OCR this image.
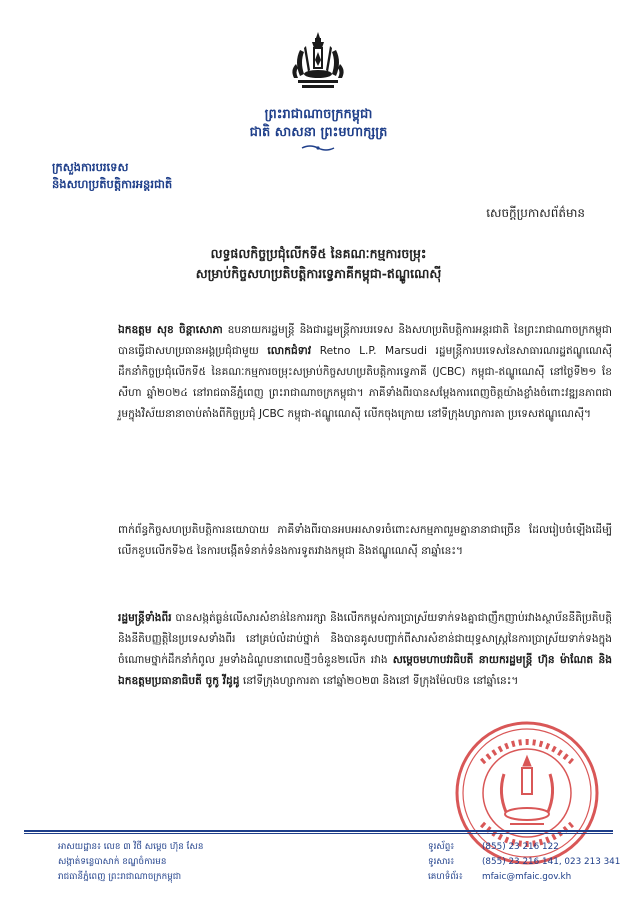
ព្រះរាជាណាចក្រកម្ពុជា
ជាតិ សាសនា ព្រះមហាក្សត្រ
ក្រសួងការបរទេស
និងសហប្រតិបត្តិការអន្តរជាតិ
សេចក្តីប្រកាសព័ត៌មាន
លទ្ធផលកិច្ចប្រជុំលើកទី៥ នៃគណៈកម្មការចម្រុះ
សម្រាប់កិច្ចសហប្រតិបត្តិការទ្វេភាគីកម្ពុជា-ឥណ្ឌូណេស៊ី
ឯកឧត្តម សុខ ចិន្តាសោភា ឧបនាយករដ្ឋមន្ត្រី និងជារដ្ឋមន្ត្រីការបរទេស និងសហប្រតិបត្តិការអន្តរជាតិ នៃព្រះរាជាណាចក្រកម្ពុជា បានធ្វើជាសហប្រធានអង្គប្រជុំជាមួយ លោកជំទាវ Retno L.P. Marsudi រដ្ឋមន្ត្រីការបរទេសនៃសាធារណរដ្ឋឥណ្ឌូណេស៊ី ដឹកនាំកិច្ចប្រជុំលើកទី៥ នៃគណៈកម្មការចម្រុះសម្រាប់កិច្ចសហប្រតិបត្តិការទ្វេភាគី (JCBC) កម្ពុជា-ឥណ្ឌូណេស៊ី នៅថ្ងៃទី២១ ខែសីហា ឆ្នាំ២០២៤ នៅរាជធានីភ្នំពេញ ព្រះរាជាណាចក្រកម្ពុជា។ ភាគីទាំងពីរបានសម្តែងការពេញចិត្តយ៉ាងខ្លាំងចំពោះវឌ្ឍនភាពជារួមក្នុងវិស័យនានាចាប់តាំងពីកិច្ចប្រជុំ JCBC កម្ពុជា-ឥណ្ឌូណេស៊ី លើកចុងក្រោយ នៅទីក្រុងហ្សាការតា ប្រទេសឥណ្ឌូណេស៊ី។
ពាក់ព័ន្ធកិច្ចសហប្រតិបត្តិការនយោបាយ ភាគីទាំងពីរបានអបអរសាទរចំពោះសកម្មភាពរួមគ្នានានាជាច្រើន ដែលរៀបចំឡើងដើម្បីលើកខួបលើកទី៦៥ នៃការបង្កើតទំនាក់ទំនងការទូតរវាងកម្ពុជា និងឥណ្ឌូណេស៊ី នាឆ្នាំនេះ។
រដ្ឋមន្ត្រីទាំងពីរ បានសង្កត់ធ្ងន់លើសារសំខាន់នៃការរក្សា និងលើកកម្ពស់ការប្រាស្រ័យទាក់ទងគ្នាជាញឹកញាប់រវាងស្ថាប័ននីតិប្រតិបត្តិ និងនីតិបញ្ញត្តិនៃប្រទេសទាំងពីរ នៅគ្រប់លំដាប់ថ្នាក់ និងបានគូសបញ្ជាក់ពីសារសំខាន់ជាយុទ្ធសាស្ត្រនៃការប្រាស្រ័យទាក់ទងក្នុងចំណោមថ្នាក់ដឹកនាំកំពូល រួមទាំងដំណួបនាពេលថ្មីៗចំនួន២លើក រវាង សម្តេចមហាបវរធិបតី នាយករដ្ឋមន្ត្រី ហ៊ុន ម៉ាណែត និង ឯកឧត្តមប្រធានាធិបតី ចូកូ វីដូដូ នៅទីក្រុងហ្សាការតា នៅឆ្នាំ២០២៣ និងនៅ ទីក្រុងម៉ែលប៊ន នៅឆ្នាំនេះ។
អាសយដ្ឋាន៖ លេខ ៣ វិថី សម្តេច ហ៊ុន សែន
សង្កាត់ទន្លេបាសាក់ ខណ្ឌចំការមន
រាជធានីភ្នំពេញ ព្រះរាជាណាចក្រកម្ពុជា
ទូរស័ព្ទ៖	(855) 23 216 122
ទូរសារ៖	(855) 23 216 141, 023 213 341
គេហទំព័រ៖ mfaic@mfaic.gov.kh
